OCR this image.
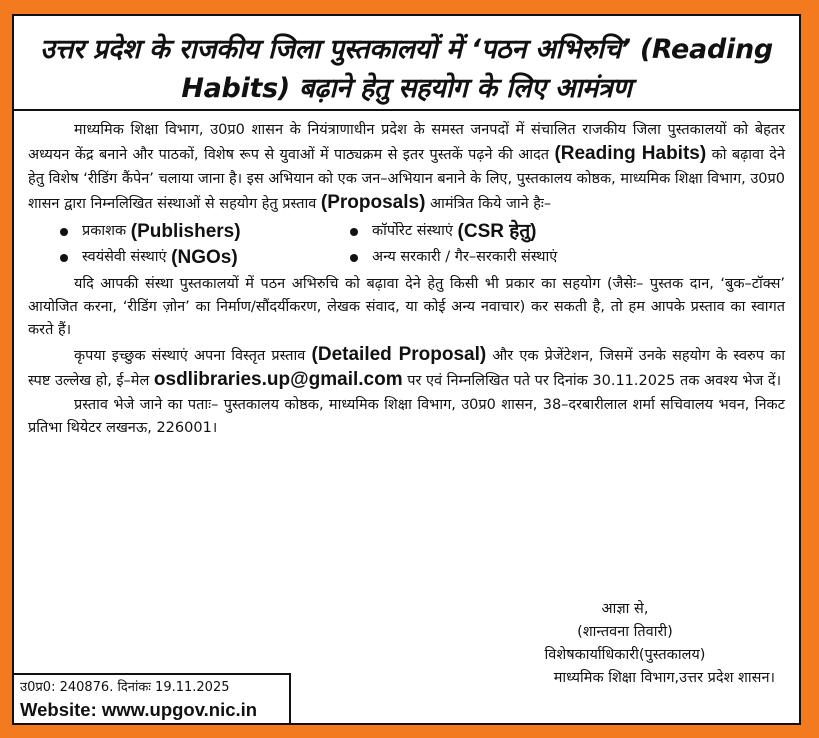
उत्तर प्रदेश के राजकीय जिला पुस्तकालयों में ‘पठन अभिरुचि’ (Reading
Habits) बढ़ाने हेतु सहयोग के लिए आमंत्रण

माध्यमिक शिक्षा विभाग, उ0प्र0 शासन के नियंत्राणाधीन प्रदेश के समस्त जनपदों में संचालित राजकीय जिला पुस्तकालयों को बेहतर अध्ययन केंद्र बनाने और पाठकों, विशेष रूप से युवाओं में पाठ्यक्रम से इतर पुस्तकें पढ़ने की आदत (Reading Habits) को बढ़ावा देने हेतु विशेष ‘रीडिंग कैंपेन’ चलाया जाना है। इस अभियान को एक जन–अभियान बनाने के लिए, पुस्तकालय कोष्ठक, माध्यमिक शिक्षा विभाग, उ0प्र0 शासन द्वारा निम्नलिखित संस्थाओं से सहयोग हेतु प्रस्ताव (Proposals) आमंत्रित किये जाने हैः–

प्रकाशक
(Publishers)	कॉर्पोरेट संस्थाएं
(CSR हेतु)
स्वयंसेवी संस्थाएं
(NGOs)	अन्य सरकारी / गैर–सरकारी संस्थाएं

यदि आपकी संस्था पुस्तकालयों में पठन अभिरुचि को बढ़ावा देने हेतु किसी भी प्रकार का सहयोग (जैसेः– पुस्तक दान, ‘बुक–टॉक्स’ आयोजित करना, ‘रीडिंग ज़ोन’ का निर्माण/सौंदर्यीकरण, लेखक संवाद, या कोई अन्य नवाचार) कर सकती है, तो हम आपके प्रस्ताव का स्वागत करते हैं।

कृपया इच्छुक संस्थाएं अपना विस्तृत प्रस्ताव (Detailed Proposal) और एक प्रेजेंटेशन, जिसमें उनके सहयोग के स्वरुप का स्पष्ट उल्लेख हो, ई–मेल osdlibraries.up@gmail.com पर एवं निम्नलिखित पते पर दिनांक 30.11.2025 तक अवश्य भेज दें।

प्रस्ताव भेजे जाने का पताः– पुस्तकालय कोष्ठक, माध्यमिक शिक्षा विभाग, उ0प्र0 शासन, 38–दरबारीलाल शर्मा सचिवालय भवन, निकट प्रतिभा थियेटर लखनऊ, 226001।

आज्ञा से,
(शान्तवना तिवारी)
विशेषकार्याधिकारी(पुस्तकालय)
माध्यमिक शिक्षा विभाग,उत्तर प्रदेश शासन।
उ0प्र0: 240876. दिनांकः 19.11.2025
Website: www.upgov.nic.in
